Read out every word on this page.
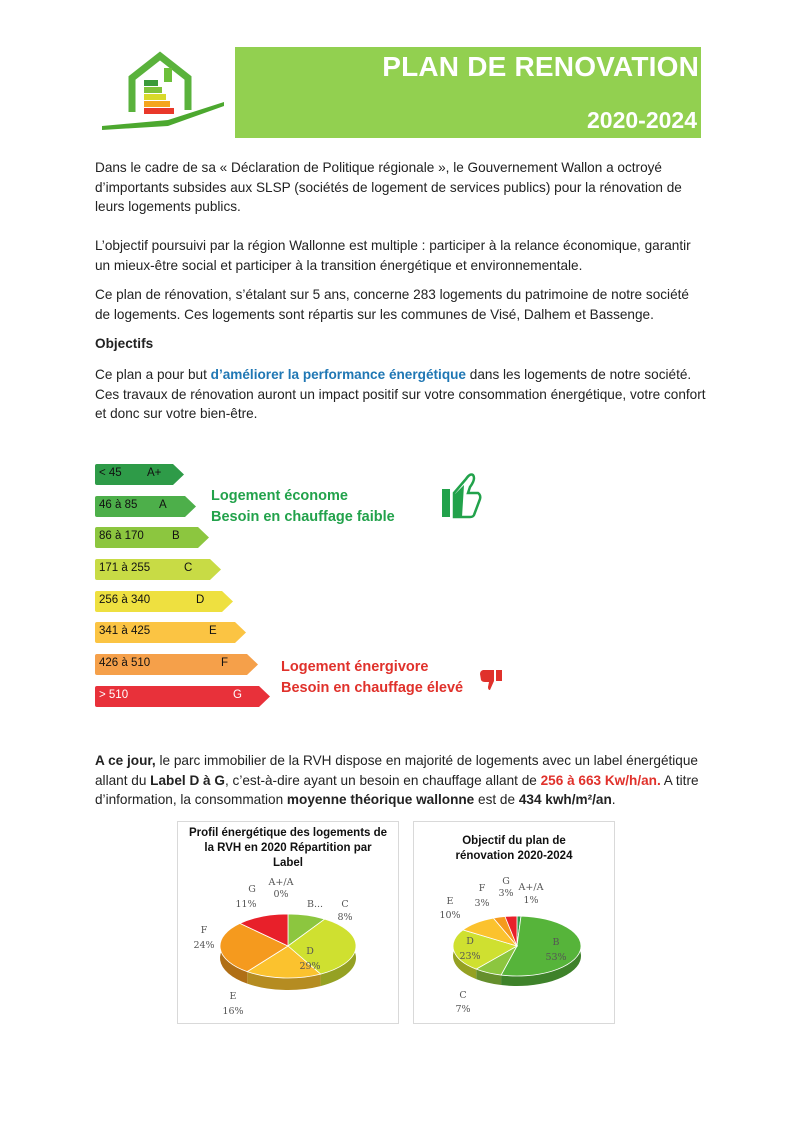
PLAN DE RENOVATION
2020-2024

Dans le cadre de sa « Déclaration de Politique régionale », le Gouvernement Wallon a octroyé d’importants subsides aux SLSP (sociétés de logement de services publics) pour la rénovation de leurs logements publics.

L’objectif poursuivi par la région Wallonne est multiple : participer à la relance économique, garantir un mieux-être social et participer à la transition énergétique et environnementale.

Ce plan de rénovation, s’étalant sur 5 ans, concerne 283 logements du patrimoine de notre société de logements. Ces logements sont répartis sur les communes de Visé, Dalhem et Bassenge.

Objectifs

Ce plan a pour but d’améliorer la performance énergétique dans les logements de notre société. Ces travaux de rénovation auront un impact positif sur votre consommation énergétique, votre confort et donc sur votre bien-être.

< 45 A+
46 à 85 A
86 à 170 B
171 à 255	C
256 à 340	D
341 à 425	E
426 à 510	F
> 510	G
Logement économe
Besoin en chauffage faible
Logement énergivore
Besoin en chauffage élevé

A ce jour, le parc immobilier de la RVH dispose en majorité de logements avec un label énergétique allant du Label D à G, c’est-à-dire ayant un besoin en chauffage allant de 256 à 663 Kw/h/an. A titre d’information, la consommation moyenne théorique wallonne est de 434 kwh/m²/an.

Profil énergétique des logements de la RVH en 2020 Répartition par Label
A+/A
B... C
D
E
F
G 0%
8%
29%
16%
24%
11%
Objectif du plan de rénovation 2020-2024
A+/A
B
C
D
E
F
G
1%
53%
7%
23%
10%
3%
3%
